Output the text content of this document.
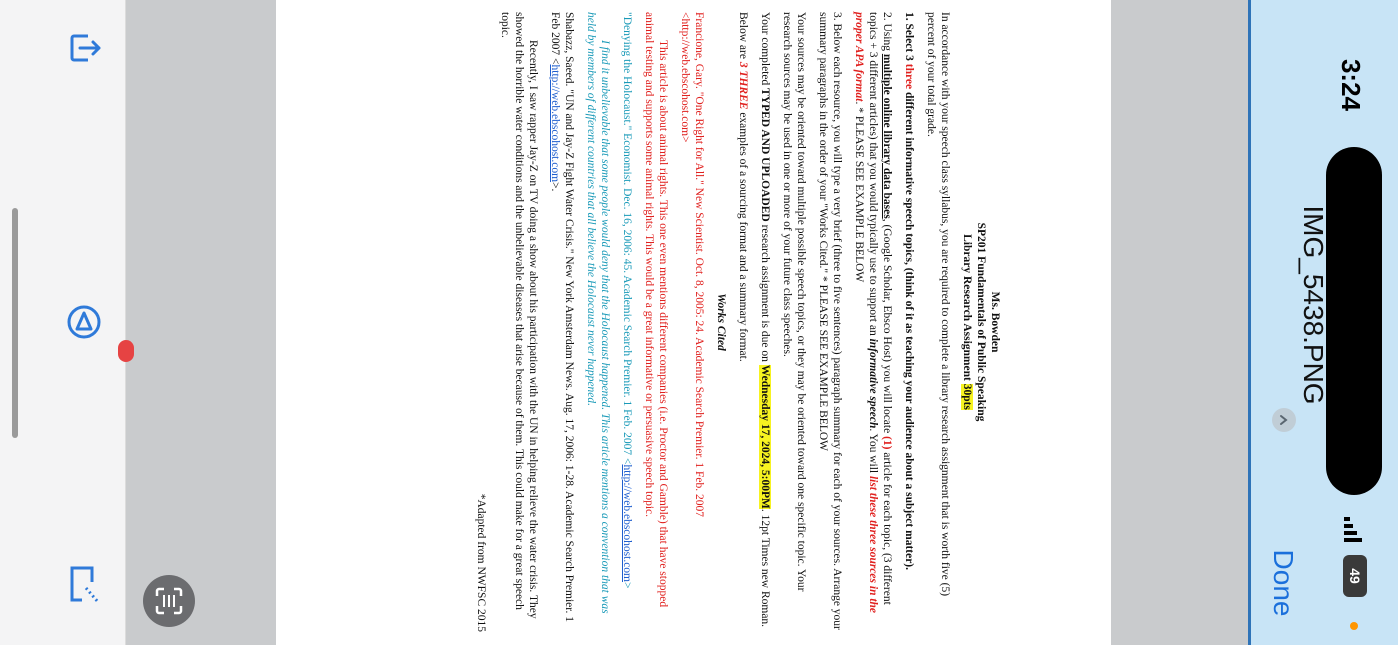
Ms. Bowden

SP201 Fundamentals of Public Speaking

Library Research Assignment 30pts

In accordance with your speech class syllabus, you are required to complete a library research assignment that is worth five (5) percent of your total grade.

1. Select 3 three different informative speech topics, (think of it as teaching your audience about a subject matter).

2. Using multiple online library data bases, (Google Scholar, Ebsco Host) you will locate (1) article for each topic, (3 different topics + 3 different articles) that you would typically use to support an informative speech. You will list these three sources in the proper APA format. * PLEASE SEE EXAMPLE BELOW

3. Below each resource, you will type a very brief (three to five sentences) paragraph summary for each of your sources. Arrange your summary paragraphs in the order of your "Works Cited." * PLEASE SEE EXAMPLE BELOW

Your sources may be oriented toward multiple possible speech topics, or they may be oriented toward one specific topic. Your research sources may be used in one or more of your future class speeches.

Your completed TYPED AND UPLOADED research assignment is due on Wednesday 17, 2024, 5:00PM. 12pt Times new Roman.

Below are 3 THREE examples of a sourcing format and a summary format.

Works Cited

Francione, Gary. "One Right for All." New Scientist. Oct. 8, 2005: 24. Academic Search Premier. 1 Feb. 2007 <http://web.ebscohost.com>

This article is about animal rights. This one even mentions different companies (i.e. Proctor and Gamble) that have stopped animal testing and supports some animal rights. This would be a great informative or persuasive speech topic.

"Denying the Holocaust." Economist. Dec. 16, 2006: 45. Academic Search Premier. 1 Feb. 2007 <http://web.ebscohost.com>

I find it unbelievable that some people would deny that the Holocaust happened. This article mentions a convention that was held by members of different countries that all believe the Holocaust never happened.

Shabazz, Saeed. "UN and Jay-Z Fight Water Crisis." New York Amsterdam News. Aug. 17, 2006: 1-28. Academic Search Premier. 1 Feb 2007 <http://web.ebscohost.com>.

Recently, I saw rapper Jay-Z on TV doing a show about his participation with the UN in helping relieve the water crisis. They showed the horrible water conditions and the unbelievable diseases that arise because of them. This could make for a great speech topic.

*Adapted from NWFSC 2015

3:24
IMG_5438.PNG
49
Done
